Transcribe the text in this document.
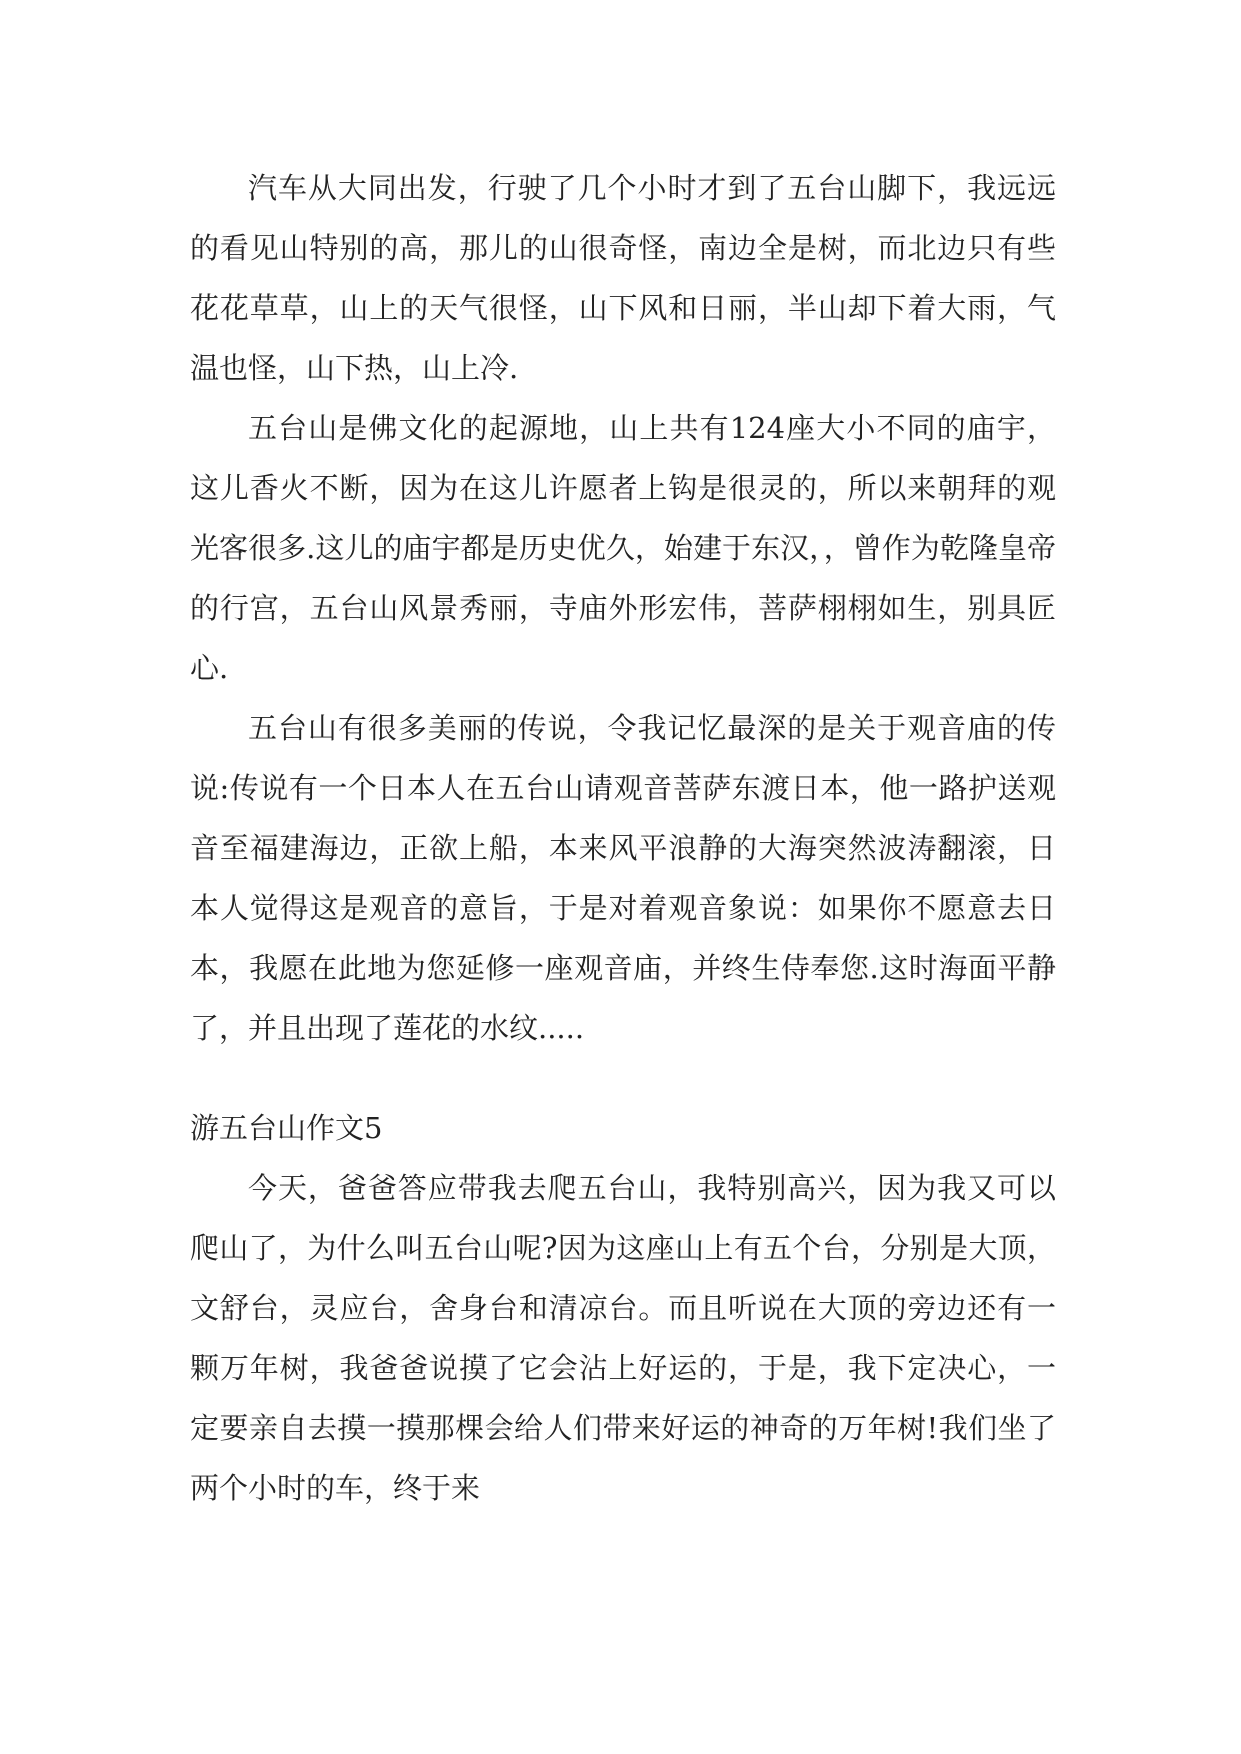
汽车从大同出发，行驶了几个小时才到了五台山脚下，我远远的看见山特别的高，那儿的山很奇怪，南边全是树，而北边只有些花花草草，山上的天气很怪，山下风和日丽，半山却下着大雨，气温也怪，山下热，山上冷.

五台山是佛文化的起源地，山上共有124座大小不同的庙宇，这儿香火不断，因为在这儿许愿者上钩是很灵的，所以来朝拜的观光客很多.这儿的庙宇都是历史优久，始建于东汉，，曾作为乾隆皇帝的行宫，五台山风景秀丽，寺庙外形宏伟，菩萨栩栩如生，别具匠心.

五台山有很多美丽的传说，令我记忆最深的是关于观音庙的传说:传说有一个日本人在五台山请观音菩萨东渡日本，他一路护送观音至福建海边，正欲上船，本来风平浪静的大海突然波涛翻滚，日本人觉得这是观音的意旨，于是对着观音象说：如果你不愿意去日本，我愿在此地为您延修一座观音庙，并终生侍奉您.这时海面平静了，并且出现了莲花的水纹.....

游五台山作文5

今天，爸爸答应带我去爬五台山，我特别高兴，因为我又可以爬山了，为什么叫五台山呢?因为这座山上有五个台，分别是大顶，文舒台，灵应台，舍身台和清凉台。而且听说在大顶的旁边还有一颗万年树，我爸爸说摸了它会沾上好运的，于是，我下定决心，一定要亲自去摸一摸那棵会给人们带来好运的神奇的万年树!我们坐了两个小时的车，终于来
